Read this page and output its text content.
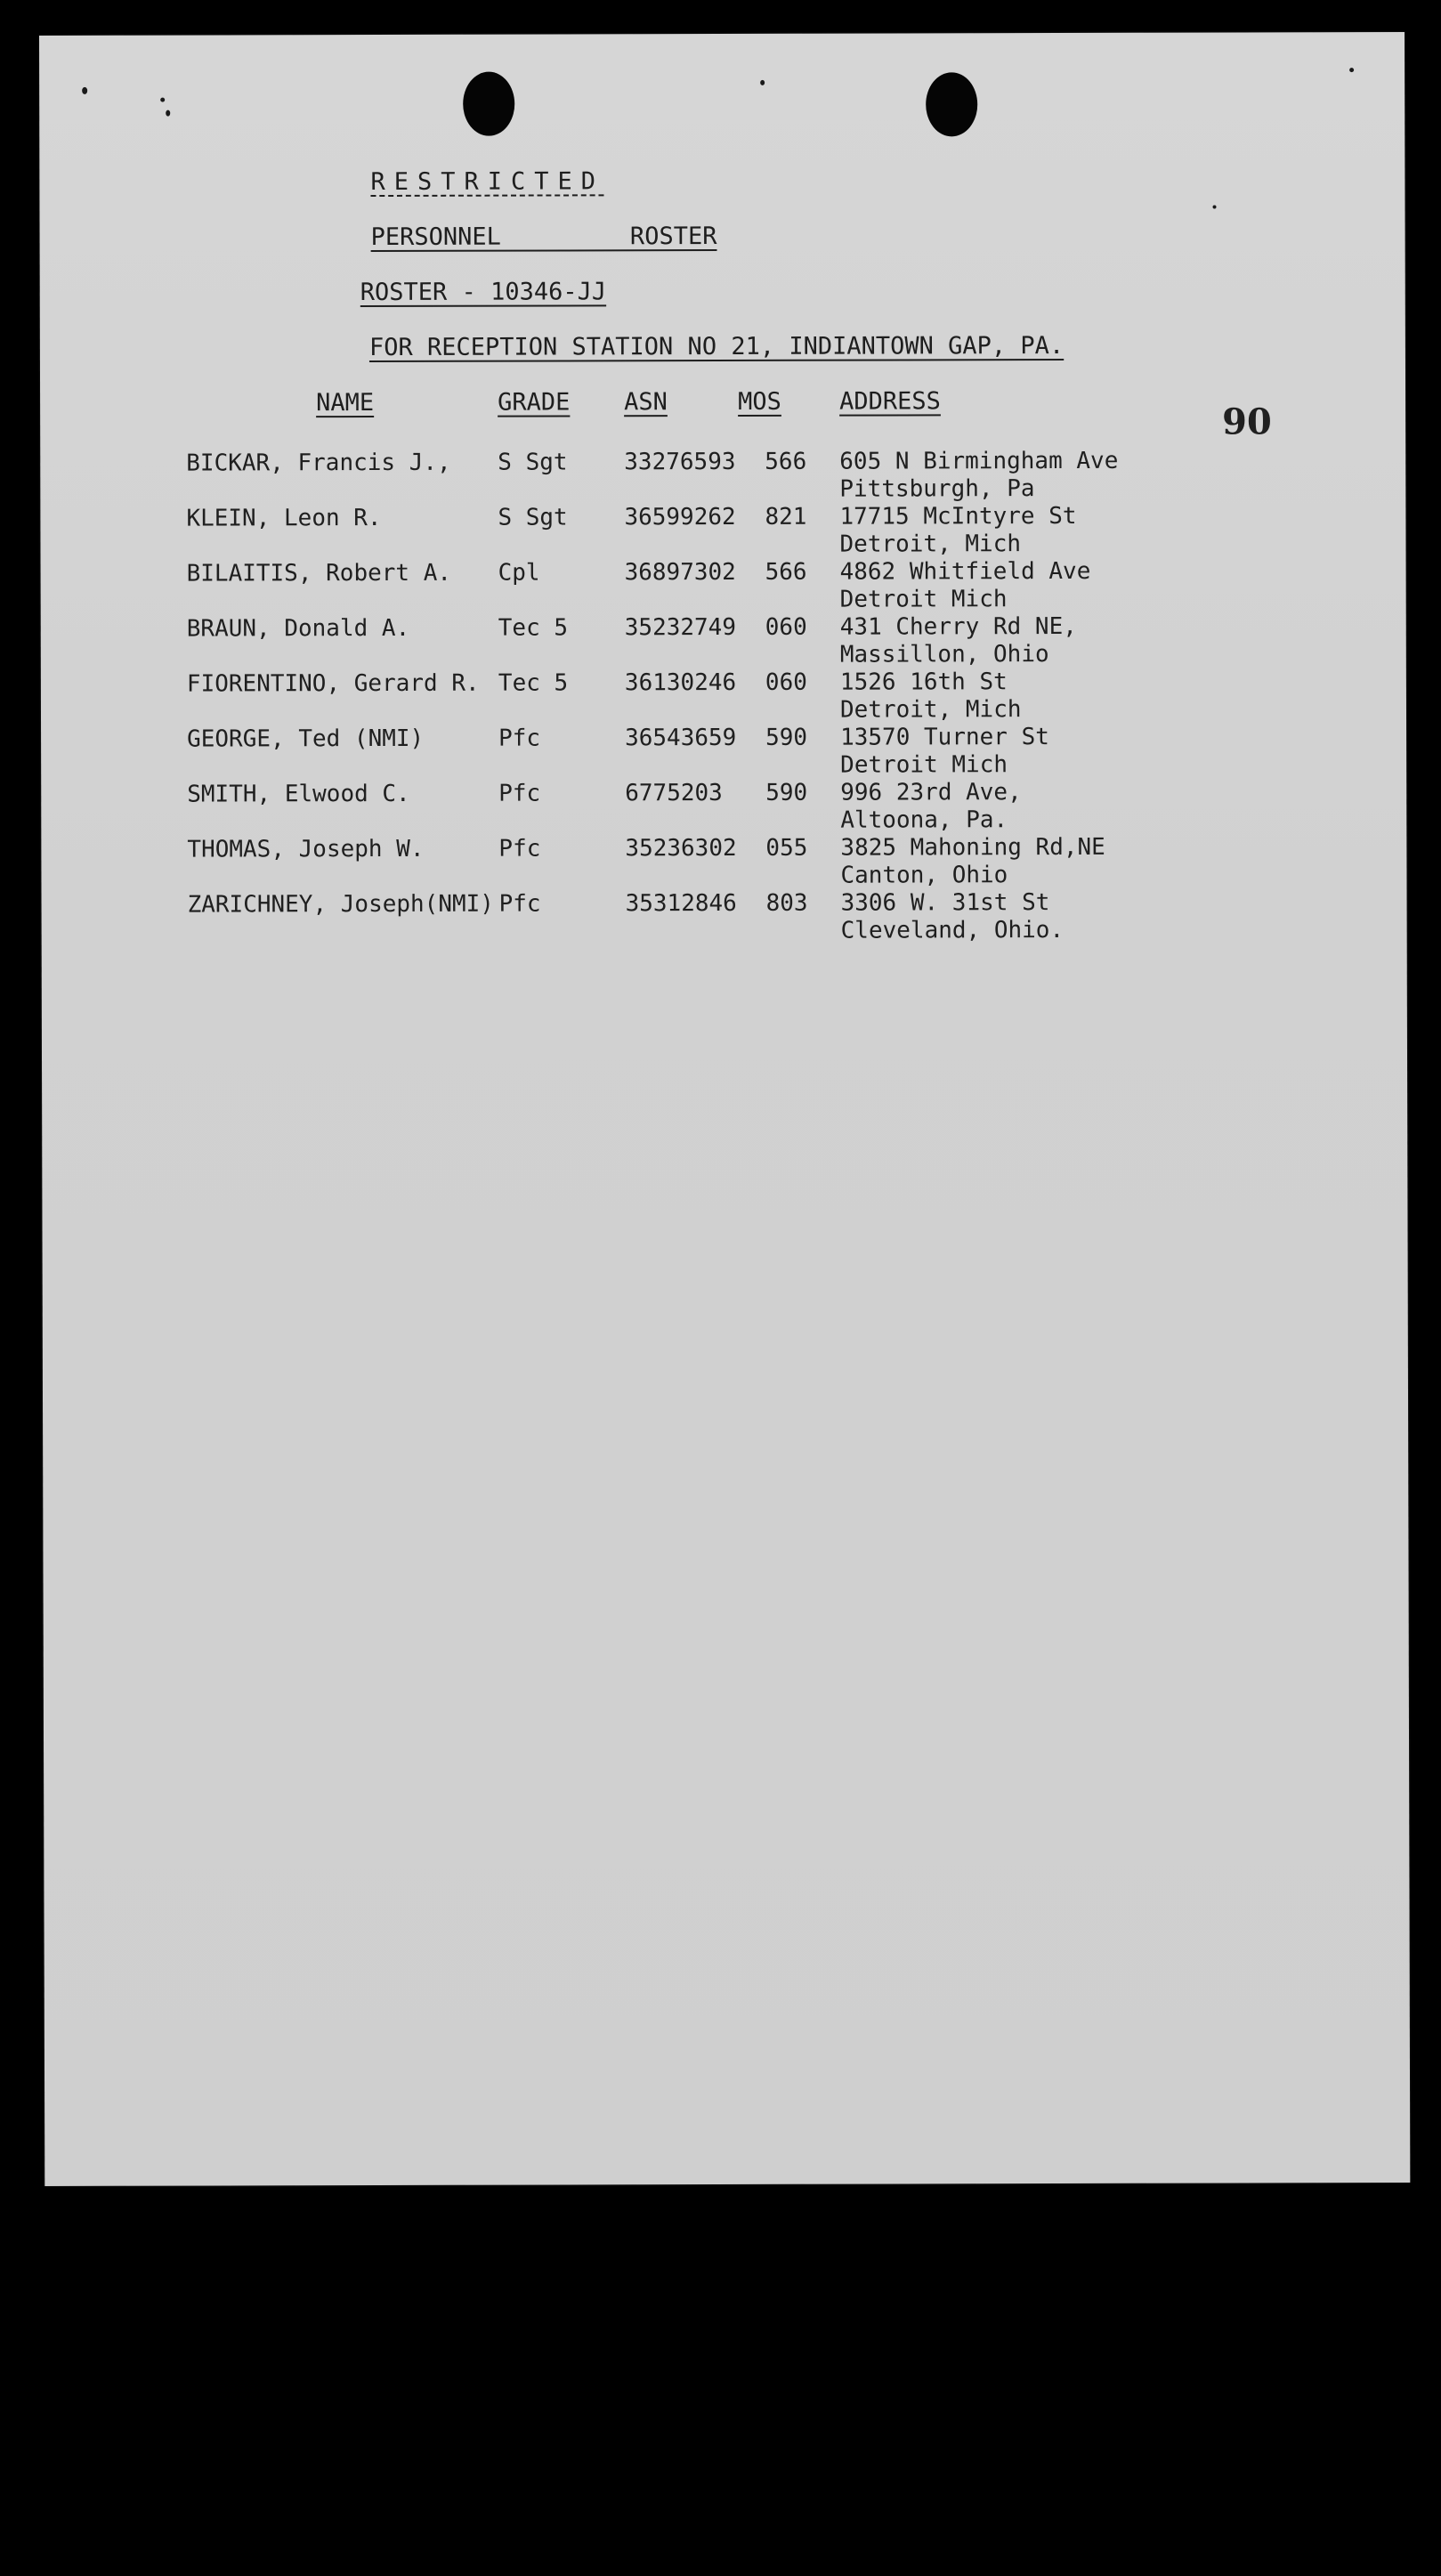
RESTRICTED
PERSONNEL    ROSTER
ROSTER - 10346-JJ
FOR RECEPTION STATION NO 21, INDIANTOWN GAP, PA.
90
NAME	GRADE ASN	MOS ADDRESS
BICKAR, Francis J., S Sgt 33276593 566 605 N Birmingham Ave
Pittsburgh, Pa
KLEIN, Leon R.	S Sgt 36599262 821 17715 McIntyre St
Detroit, Mich
BILAITIS, Robert A. Cpl	36897302 566 4862 Whitfield Ave
Detroit Mich
BRAUN, Donald A.	Tec 5 35232749 060 431 Cherry Rd NE,
Massillon, Ohio
FIORENTINO, Gerard R. Tec 5 36130246 060 1526 16th St
Detroit, Mich
GEORGE, Ted (NMI)	Pfc	36543659 590 13570 Turner St
Detroit Mich
SMITH, Elwood C.	Pfc	6775203 590 996 23rd Ave,
Altoona, Pa.
THOMAS, Joseph W.	Pfc	35236302 055 3825 Mahoning Rd,NE
Canton, Ohio
ZARICHNEY, Joseph(NMI) Pfc	35312846 803 3306 W. 31st St
Cleveland, Ohio.
